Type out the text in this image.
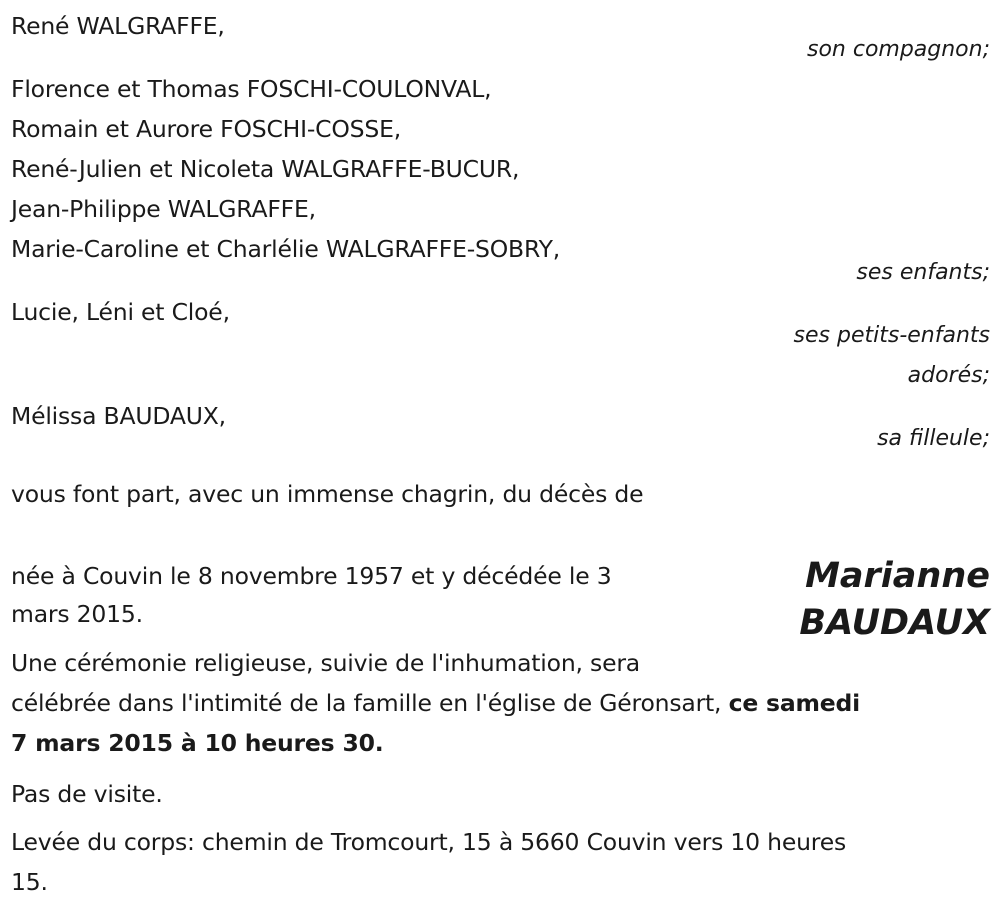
René WALGRAFFE,
son compagnon;
Florence et Thomas FOSCHI-COULONVAL,
Romain et Aurore FOSCHI-COSSE,
René-Julien et Nicoleta WALGRAFFE-BUCUR,
Jean-Philippe WALGRAFFE,
Marie-Caroline et Charlélie WALGRAFFE-SOBRY,
ses enfants;
Lucie, Léni et Cloé,
ses petits-enfants
adorés;
Mélissa BAUDAUX,
sa filleule;
vous font part, avec un immense chagrin, du décès de
Marianne
BAUDAUX
née à Couvin le 8 novembre 1957 et y décédée le 3
mars 2015.
Une cérémonie religieuse, suivie de l'inhumation, sera
célébrée dans l'intimité de la famille en l'église de Géronsart, ce samedi
7 mars 2015 à 10 heures 30.
Pas de visite.
Levée du corps: chemin de Tromcourt, 15 à 5660 Couvin vers 10 heures
15.
